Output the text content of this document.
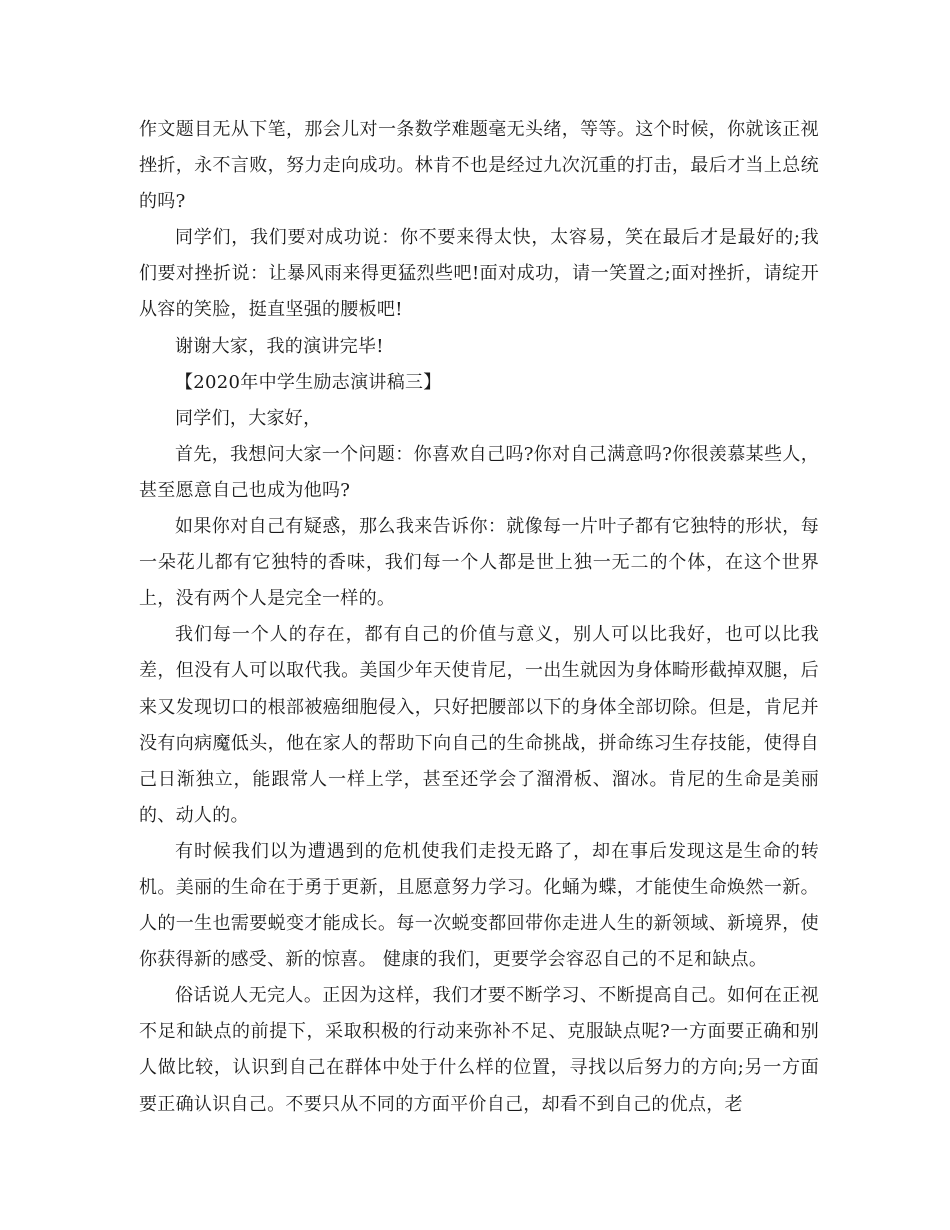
作文题目无从下笔，那会儿对一条数学难题毫无头绪，等等。这个时候，你就该正视挫折，永不言败，努力走向成功。林肯不也是经过九次沉重的打击，最后才当上总统的吗?

同学们，我们要对成功说：你不要来得太快，太容易，笑在最后才是最好的;我们要对挫折说：让暴风雨来得更猛烈些吧!面对成功，请一笑置之;面对挫折，请绽开从容的笑脸，挺直坚强的腰板吧!

谢谢大家，我的演讲完毕!

【2020年中学生励志演讲稿三】

同学们，大家好，

首先，我想问大家一个问题：你喜欢自己吗?你对自己满意吗?你很羡慕某些人，甚至愿意自己也成为他吗?

如果你对自己有疑惑，那么我来告诉你：就像每一片叶子都有它独特的形状，每一朵花儿都有它独特的香味，我们每一个人都是世上独一无二的个体，在这个世界上，没有两个人是完全一样的。

我们每一个人的存在，都有自己的价值与意义，别人可以比我好，也可以比我差，但没有人可以取代我。美国少年天使肯尼，一出生就因为身体畸形截掉双腿，后来又发现切口的根部被癌细胞侵入，只好把腰部以下的身体全部切除。但是，肯尼并没有向病魔低头，他在家人的帮助下向自己的生命挑战，拼命练习生存技能，使得自己日渐独立，能跟常人一样上学，甚至还学会了溜滑板、溜冰。肯尼的生命是美丽的、动人的。

有时候我们以为遭遇到的危机使我们走投无路了，却在事后发现这是生命的转机。美丽的生命在于勇于更新，且愿意努力学习。化蛹为蝶，才能使生命焕然一新。人的一生也需要蜕变才能成长。每一次蜕变都回带你走进人生的新领域、新境界，使你获得新的感受、新的惊喜。 健康的我们，更要学会容忍自己的不足和缺点。

俗话说人无完人。正因为这样，我们才要不断学习、不断提高自己。如何在正视不足和缺点的前提下，采取积极的行动来弥补不足、克服缺点呢?一方面要正确和别人做比较，认识到自己在群体中处于什么样的位置，寻找以后努力的方向;另一方面要正确认识自己。不要只从不同的方面平价自己，却看不到自己的优点，老
